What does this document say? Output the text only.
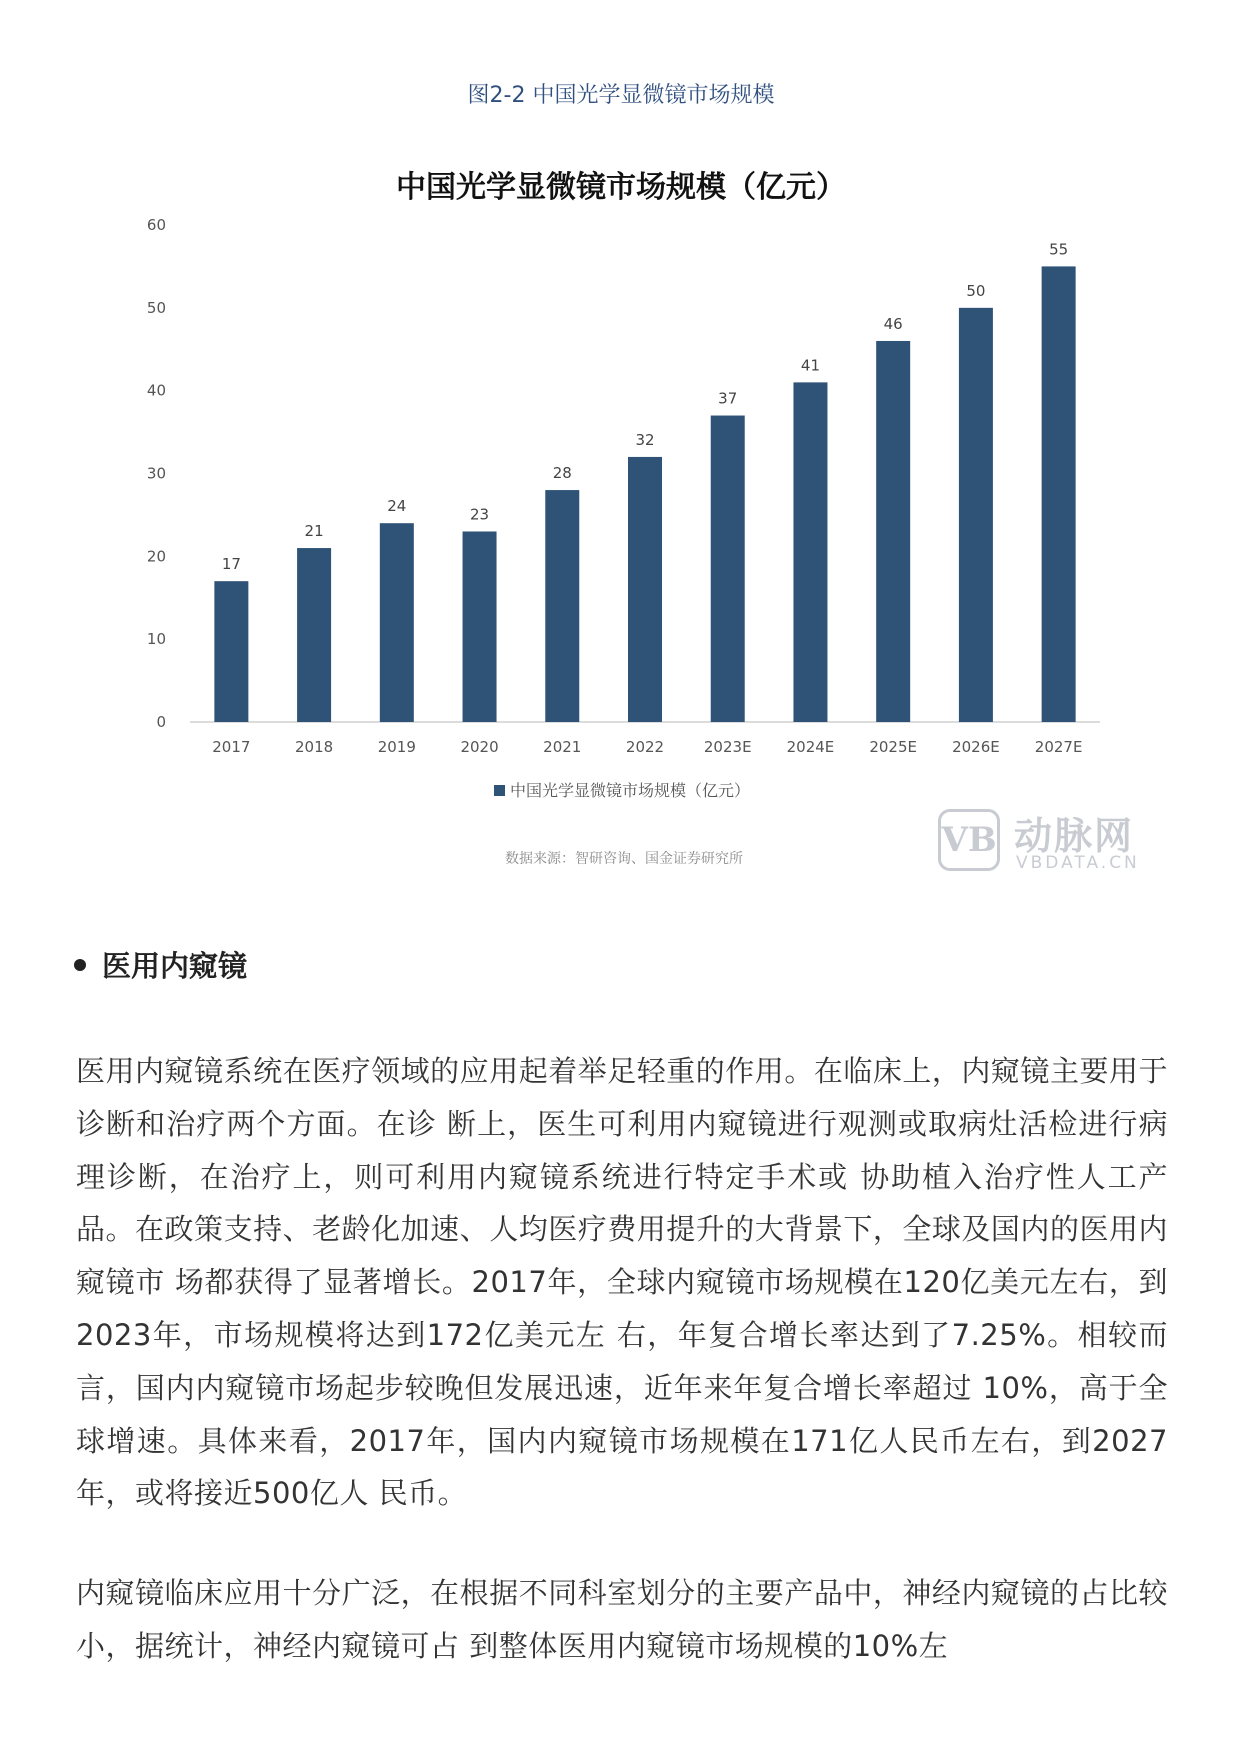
图2-2 中国光学显微镜市场规模
中国光学显微镜市场规模（亿元）
0
10
20
30
40
50
60
17
2017
21
2018
24
2019
23
2020
28
2021
32
2022
37
2023E
41
2024E
46
2025E
50
2026E
55
2027E
中国光学显微镜市场规模（亿元）
数据来源：智研咨询、国金证券研究所	VB 动脉网
VBDATA.CN
医用内窥镜

医用内窥镜系统在医疗领域的应用起着举足轻重的作用。在临床上，内窥镜主要用于诊断和治疗两个方面。在诊 断上，医生可利用内窥镜进行观测或取病灶活检进行病理诊断，在治疗上，则可利用内窥镜系统进行特定手术或 协助植入治疗性人工产品。在政策支持、老龄化加速、人均医疗费用提升的大背景下，全球及国内的医用内窥镜市 场都获得了显著增长。2017年，全球内窥镜市场规模在120亿美元左右，到2023年，市场规模将达到172亿美元左 右，年复合增长率达到了7.25%。相较而言，国内内窥镜市场起步较晚但发展迅速，近年来年复合增长率超过 10%，高于全球增速。具体来看，2017年，国内内窥镜市场规模在171亿人民币左右，到2027年，或将接近500亿人 民币。

内窥镜临床应用十分广泛，在根据不同科室划分的主要产品中，神经内窥镜的占比较小，据统计，神经内窥镜可占 到整体医用内窥镜市场规模的10%左
